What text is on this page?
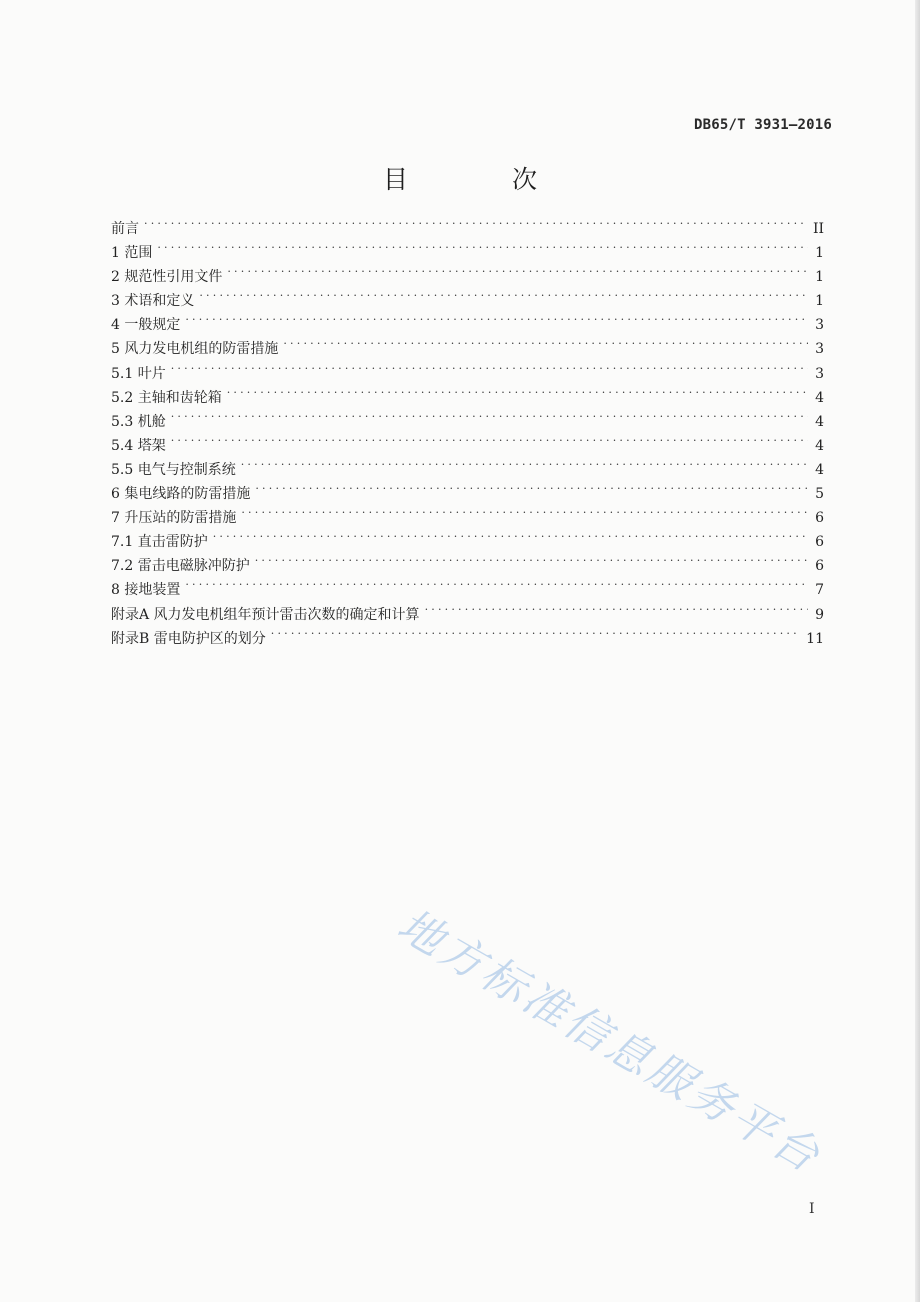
DB65/T 3931—2016
目 次
前言 .....	II
1 范围 .....	1
2 规范性引用文件 .....	1
3 术语和定义 .....	1
4 一般规定 .....	3
5 风力发电机组的防雷措施 .....	3
5.1 叶片 .....	3
5.2 主轴和齿轮箱 .....	4
5.3 机舱 .....	4
5.4 塔架 .....	4
5.5 电气与控制系统 .....	4
6 集电线路的防雷措施 .....	5
7 升压站的防雷措施 .....	6
7.1 直击雷防护 .....	6
7.2 雷击电磁脉冲防护 .....	6
8 接地装置 .....	7
附录A 风力发电机组年预计雷击次数的确定和计算 .....	9
附录B 雷电防护区的划分 .....	11
地方标准信息服务平台
I
